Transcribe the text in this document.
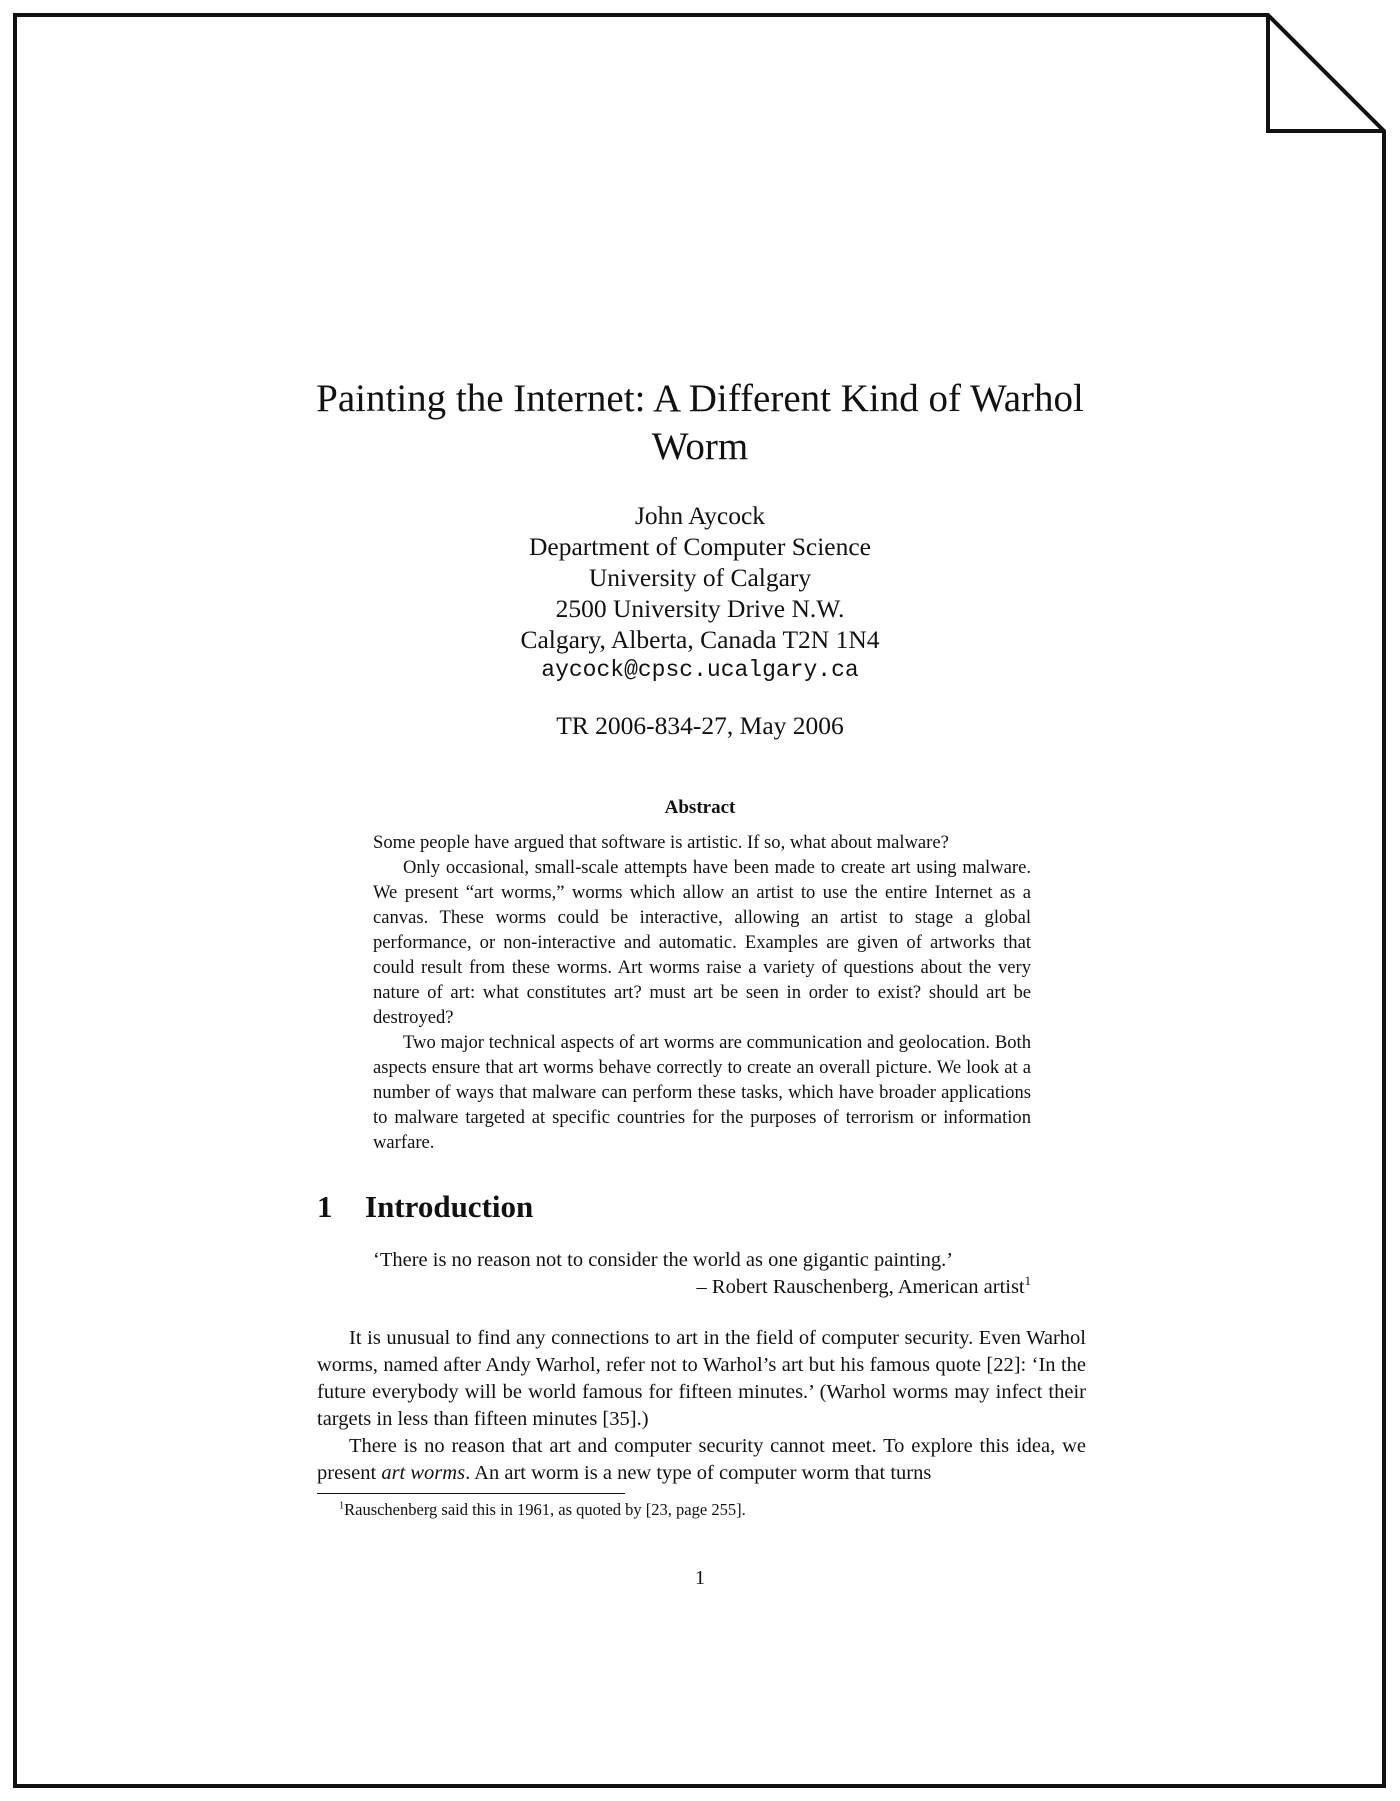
Painting the Internet: A Different Kind of Warhol
Worm
John Aycock
Department of Computer Science
University of Calgary
2500 University Drive N.W.
Calgary, Alberta, Canada T2N 1N4
aycock@cpsc.ucalgary.ca
TR 2006-834-27, May 2006
Abstract

Some people have argued that software is artistic. If so, what about malware?

Only occasional, small-scale attempts have been made to create art using malware. We present “art worms,” worms which allow an artist to use the entire Internet as a canvas. These worms could be interactive, allowing an artist to stage a global performance, or non-interactive and automatic. Examples are given of artworks that could result from these worms. Art worms raise a variety of questions about the very nature of art: what constitutes art? must art be seen in order to exist? should art be destroyed?

Two major technical aspects of art worms are communication and geolocation. Both aspects ensure that art worms behave correctly to create an overall picture. We look at a number of ways that malware can perform these tasks, which have broader applications to malware targeted at specific countries for the purposes of terrorism or information warfare.

1 Introduction
‘There is no reason not to consider the world as one gigantic painting.’
– Robert Rauschenberg, American artist$^1$

It is unusual to find any connections to art in the field of computer security. Even Warhol worms, named after Andy Warhol, refer not to Warhol’s art but his famous quote [22]: ‘In the future everybody will be world famous for fifteen minutes.’ (Warhol worms may infect their targets in less than fifteen minutes [35].)

There is no reason that art and computer security cannot meet. To explore this idea, we present art worms. An art worm is a new type of computer worm that turns

$^1$Rauschenberg said this in 1961, as quoted by [23, page 255].
1
